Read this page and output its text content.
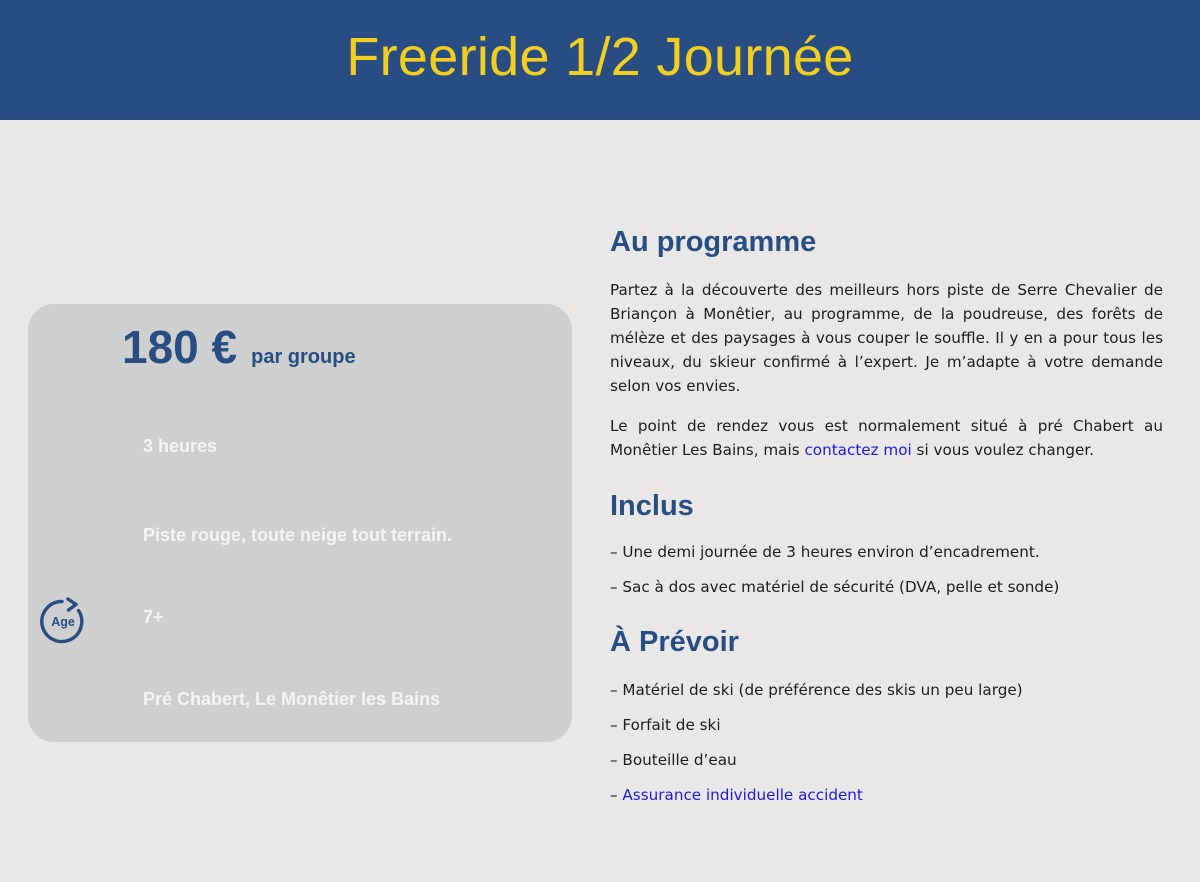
Freeride 1/2 Journée
180 € par groupe
3 heures
Piste rouge, toute neige tout terrain.
Age	7+
Pré Chabert, Le Monêtier les Bains
Au programme

Partez à la découverte des meilleurs hors piste de Serre Chevalier de Briançon à Monêtier, au programme, de la poudreuse, des forêts de mélèze et des paysages à vous couper le souffle. Il y en a pour tous les niveaux, du skieur confirmé à l’expert. Je m’adapte à votre demande selon vos envies.

Le point de rendez vous est normalement situé à pré Chabert au Monêtier Les Bains, mais contactez moi si vous voulez changer.

Inclus

– Une demi journée de 3 heures environ d’encadrement.

– Sac à dos avec matériel de sécurité (DVA, pelle et sonde)

À Prévoir

– Matériel de ski (de préférence des skis un peu large)

– Forfait de ski

– Bouteille d’eau

– Assurance individuelle accident
